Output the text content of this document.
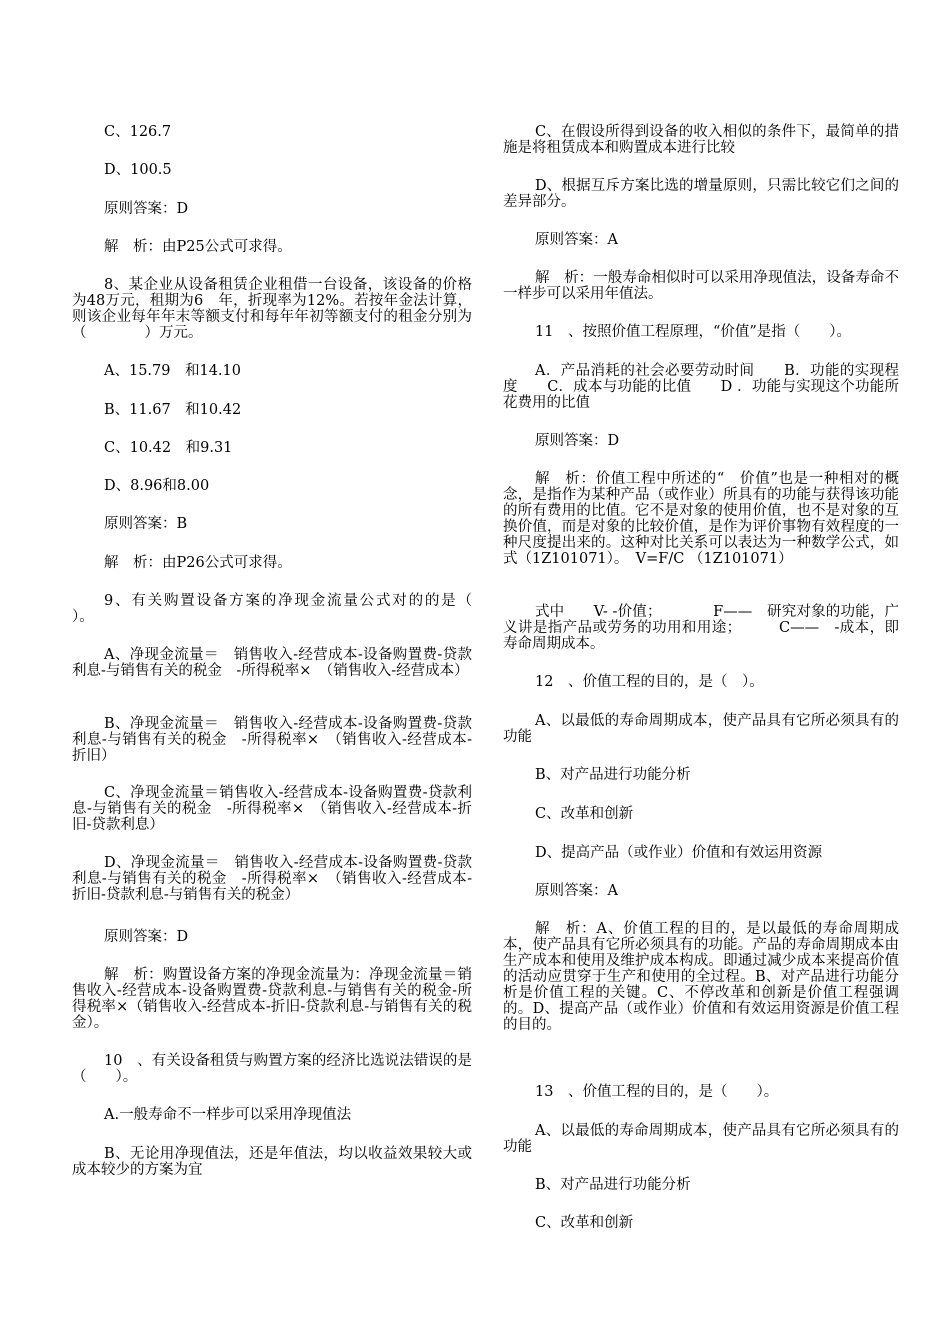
C、126.7

D、100.5

原则答案：D

解　析：由P25公式可求得。

8、某企业从设备租赁企业租借一台设备，该设备的价格为48万元，租期为6　年，折现率为12%。若按年金法计算，则该企业每年年末等额支付和每年年初等额支付的租金分别为（　　　　）万元。

A、15.79　和14.10

B、11.67　和10.42

C、10.42　和9.31

D、8.96和8.00

原则答案：B

解　析：由P26公式可求得。

9、有关购置设备方案的净现金流量公式对的的是（　　）。

A、净现金流量＝　销售收入-经营成本-设备购置费-贷款利息-与销售有关的税金　-所得税率×　（销售收入-经营成本）

B、净现金流量＝　销售收入-经营成本-设备购置费-贷款利息-与销售有关的税金　-所得税率×　（销售收入-经营成本-折旧）

C、净现金流量＝销售收入-经营成本-设备购置费-贷款利息-与销售有关的税金　-所得税率×　（销售收入-经营成本-折旧-贷款利息）

D、净现金流量＝　销售收入-经营成本-设备购置费-贷款利息-与销售有关的税金　-所得税率×　（销售收入-经营成本-折旧-贷款利息-与销售有关的税金）

原则答案：D

解　析：购置设备方案的净现金流量为：净现金流量＝销售收入-经营成本-设备购置费-贷款利息-与销售有关的税金-所得税率×（销售收入-经营成本-折旧-贷款利息-与销售有关的税金）。

10　、有关设备租赁与购置方案的经济比选说法错误的是（　　）。

A.一般寿命不一样步可以采用净现值法

B、无论用净现值法，还是年值法，均以收益效果较大或成本较少的方案为宜

C、在假设所得到设备的收入相似的条件下，最简单的措施是将租赁成本和购置成本进行比较

D、根据互斥方案比选的增量原则，只需比较它们之间的差异部分。

原则答案：A

解　析：一般寿命相似时可以采用净现值法，设备寿命不一样步可以采用年值法。

11　、按照价值工程原理，“价值”是指（　　）。

A．产品消耗的社会必要劳动时间　　B．功能的实现程度　　C．成本与功能的比值　　D ．功能与实现这个功能所花费用的比值

原则答案：D

解　析：价值工程中所述的“　价值”也是一种相对的概念，是指作为某种产品（或作业）所具有的功能与获得该功能的所有费用的比值。它不是对象的使用价值，也不是对象的互换价值，而是对象的比较价值，是作为评价事物有效程度的一种尺度提出来的。这种对比关系可以表达为一种数学公式，如式（1Z101071）。　V=F/C （1Z101071）

式中　　V- -价值；　　　　F——　研究对象的功能，广义讲是指产品或劳务的功用和用途；　　　C——　-成本，即寿命周期成本。

12　、价值工程的目的，是（　）。

A、以最低的寿命周期成本，使产品具有它所必须具有的功能

B、对产品进行功能分析

C、改革和创新

D、提高产品（或作业）价值和有效运用资源

原则答案：A

解　析：A、价值工程的目的，是以最低的寿命周期成本，使产品具有它所必须具有的功能。产品的寿命周期成本由生产成本和使用及维护成本构成。即通过减少成本来提高价值的活动应贯穿于生产和使用的全过程。B、对产品进行功能分析是价值工程的关键。C、不停改革和创新是价值工程强调的。D、提高产品（或作业）价值和有效运用资源是价值工程的目的。

13　、价值工程的目的，是（　　）。

A、以最低的寿命周期成本，使产品具有它所必须具有的功能

B、对产品进行功能分析

C、改革和创新
